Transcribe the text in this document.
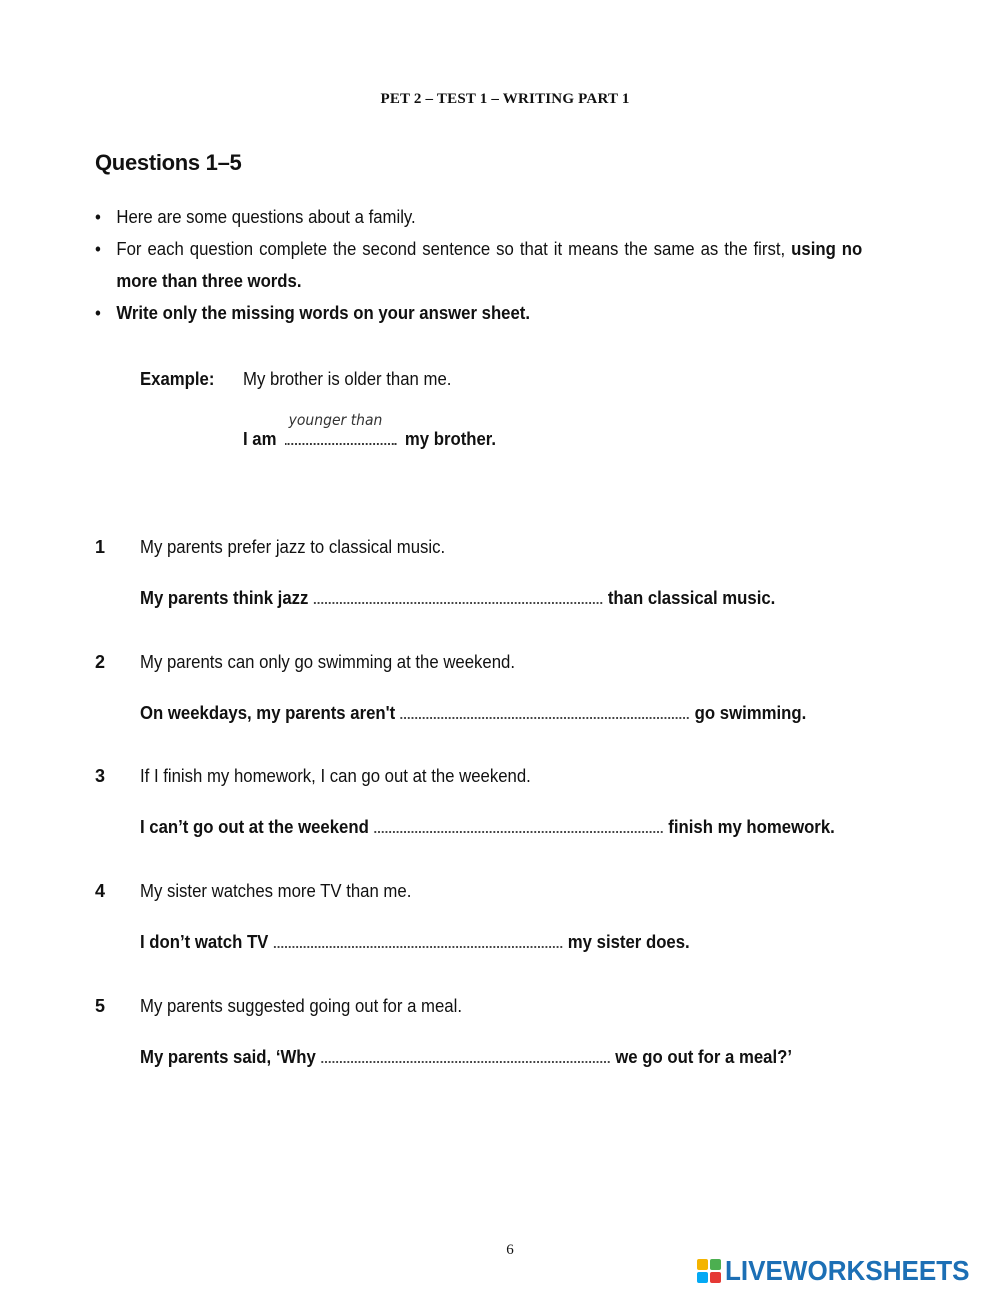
PET 2 – TEST 1 – WRITING PART 1
Questions 1–5
• Here are some questions about a family.
• For each question complete the second sentence so that it means the same as the first, using no more than three words.
• Write only the missing words on your answer sheet.
Example: My brother is older than me.
I am
younger than
my brother.
1 My parents prefer jazz to classical music.
My parents think jazz	than classical music.
2 My parents can only go swimming at the weekend.
On weekdays, my parents aren't	go swimming.
3 If I finish my homework, I can go out at the weekend.
I can’t go out at the weekend	finish my homework.
4 My sister watches more TV than me.
I don’t watch TV	my sister does.
5 My parents suggested going out for a meal.
My parents said, ‘Why	we go out for a meal?’
6
LIVEWORKSHEETS
